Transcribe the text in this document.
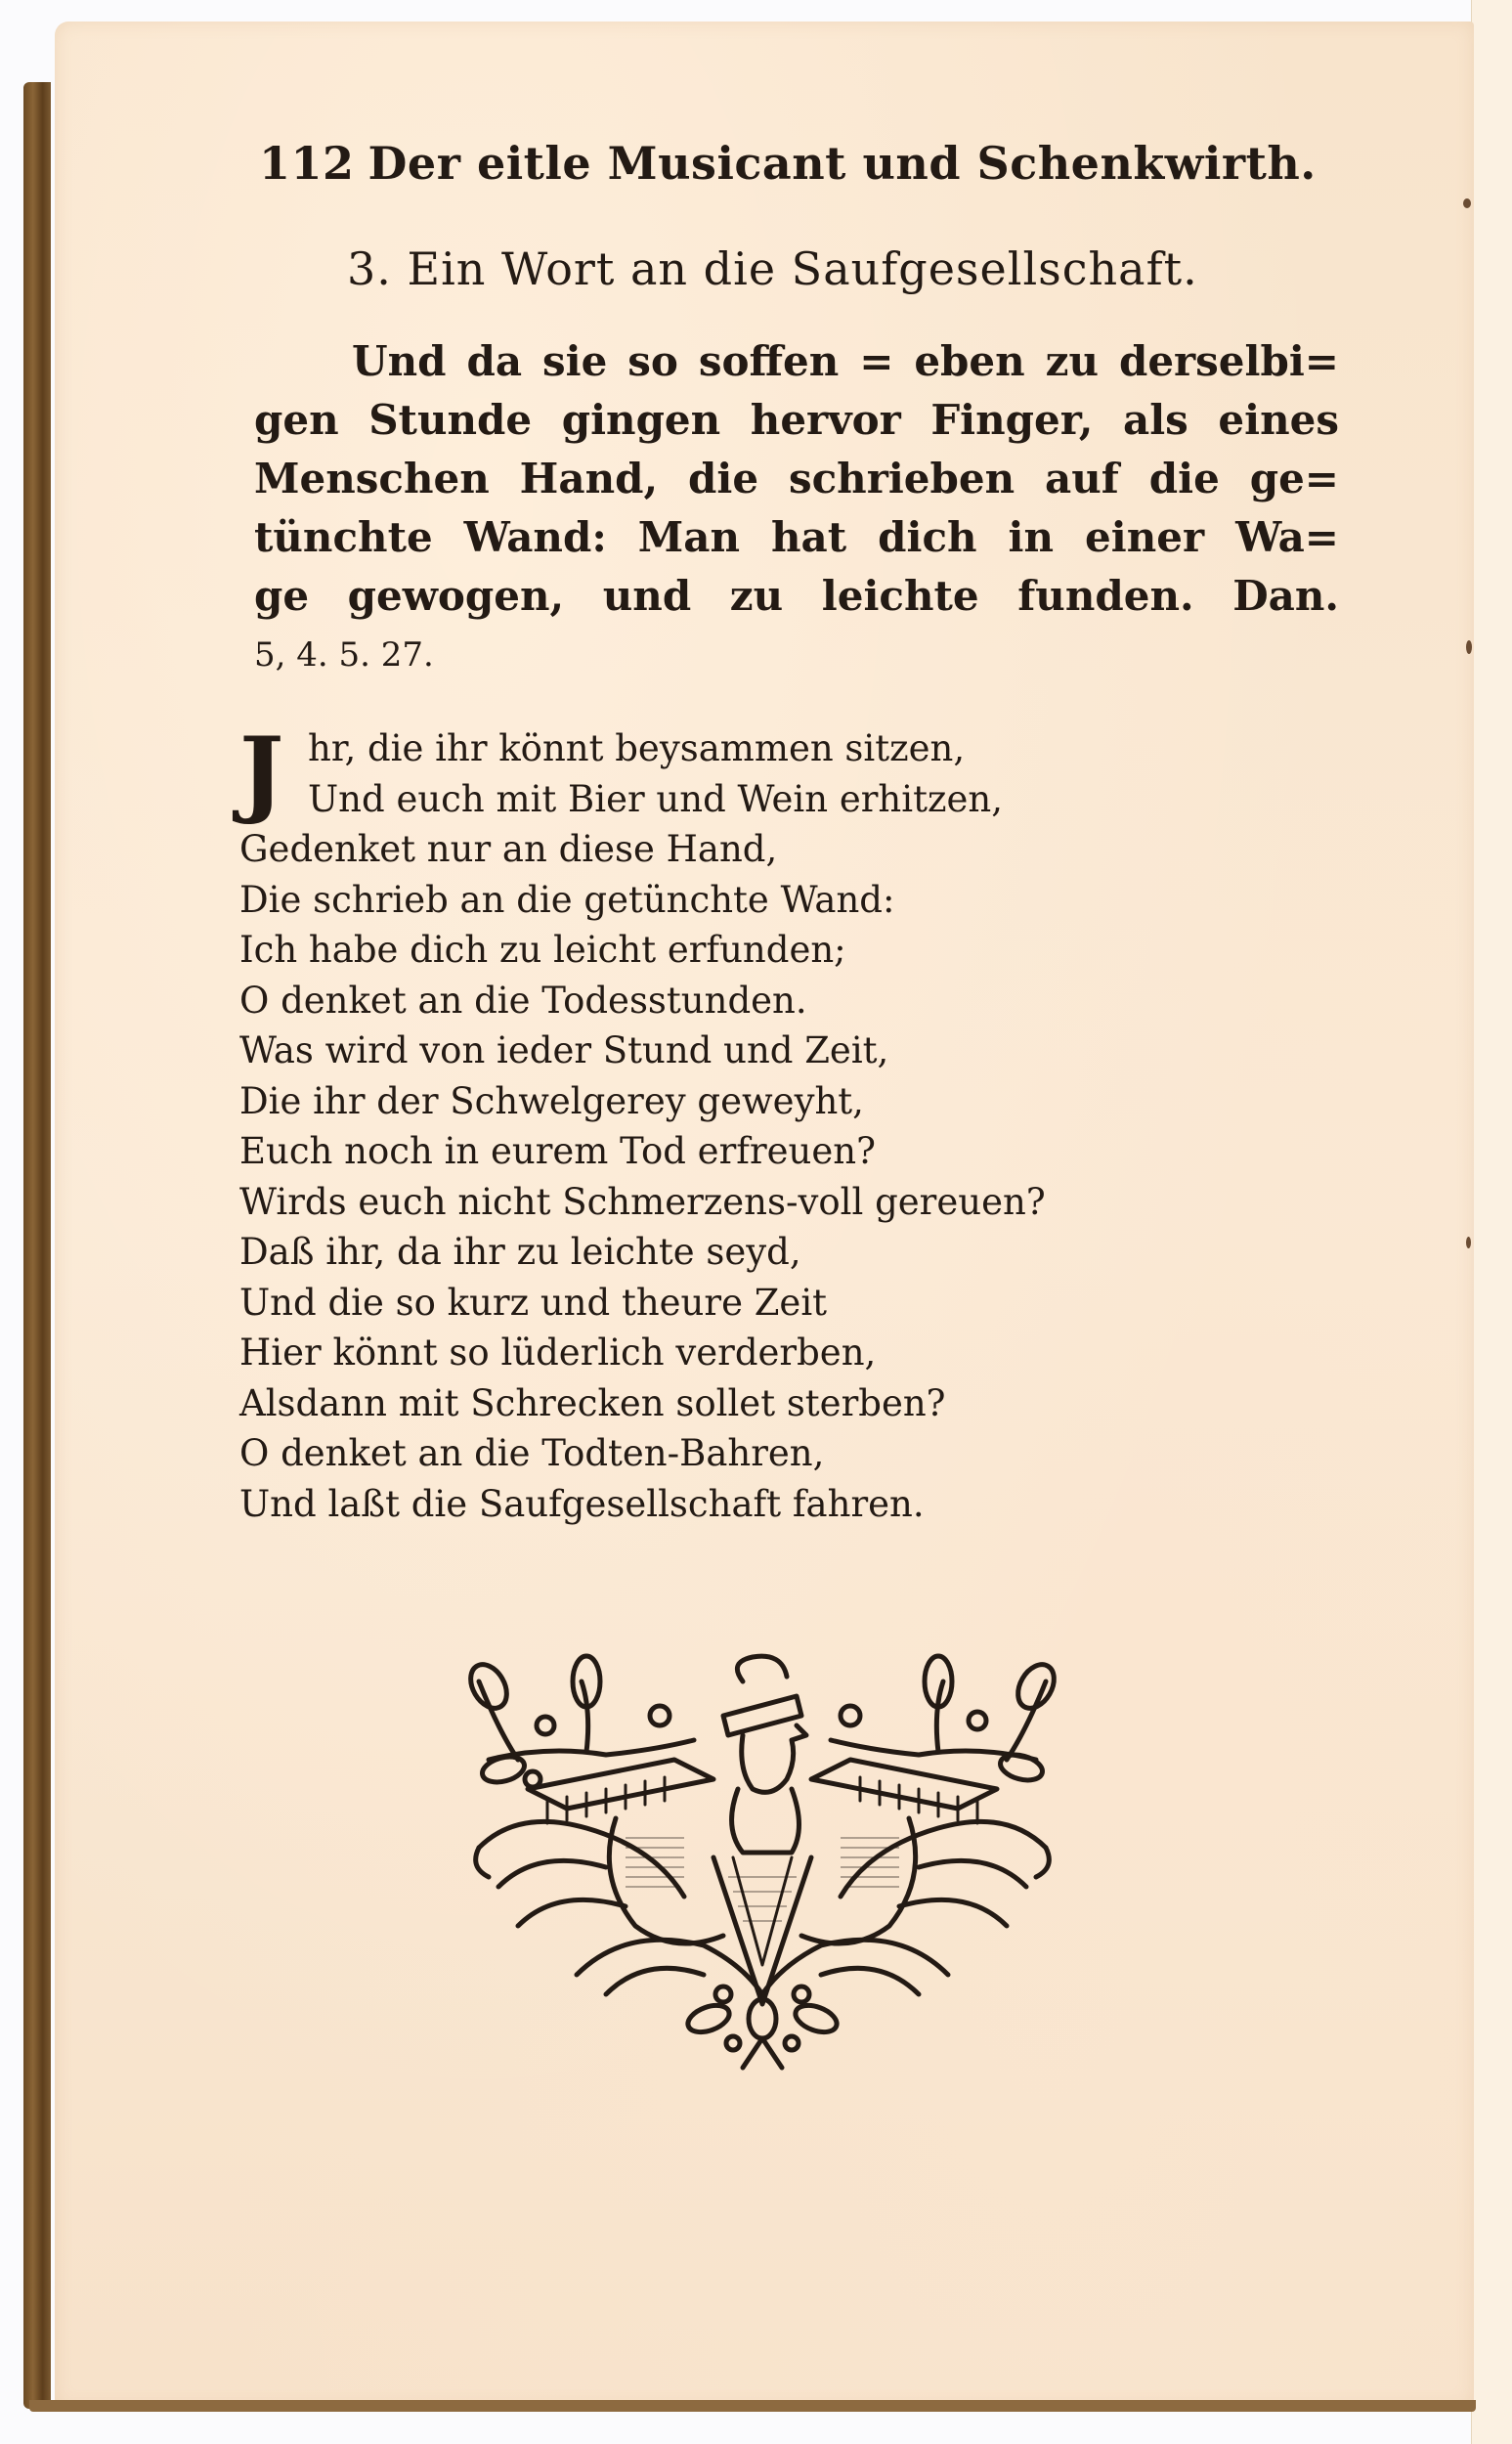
112 Der eitle Musicant und Schenkwirth.
3. Ein Wort an die Saufgesellschaft.
Und da sie so soffen = eben zu derselbi=
gen Stunde gingen hervor Finger, als eines
Menschen Hand, die schrieben auf die ge=
tünchte Wand: Man hat dich in einer Wa=
ge gewogen, und zu leichte funden. Dan.
5, 4. 5. 27.
J hr, die ihr könnt beysammen sitzen,
Und euch mit Bier und Wein erhitzen,
Gedenket nur an diese Hand,
Die schrieb an die getünchte Wand:
Ich habe dich zu leicht erfunden;
O denket an die Todesstunden.
Was wird von ieder Stund und Zeit,
Die ihr der Schwelgerey geweyht,
Euch noch in eurem Tod erfreuen?
Wirds euch nicht Schmerzens-voll gereuen?
Daß ihr, da ihr zu leichte seyd,
Und die so kurz und theure Zeit
Hier könnt so lüderlich verderben,
Alsdann mit Schrecken sollet sterben?
O denket an die Todten-Bahren,
Und laßt die Saufgesellschaft fahren.
